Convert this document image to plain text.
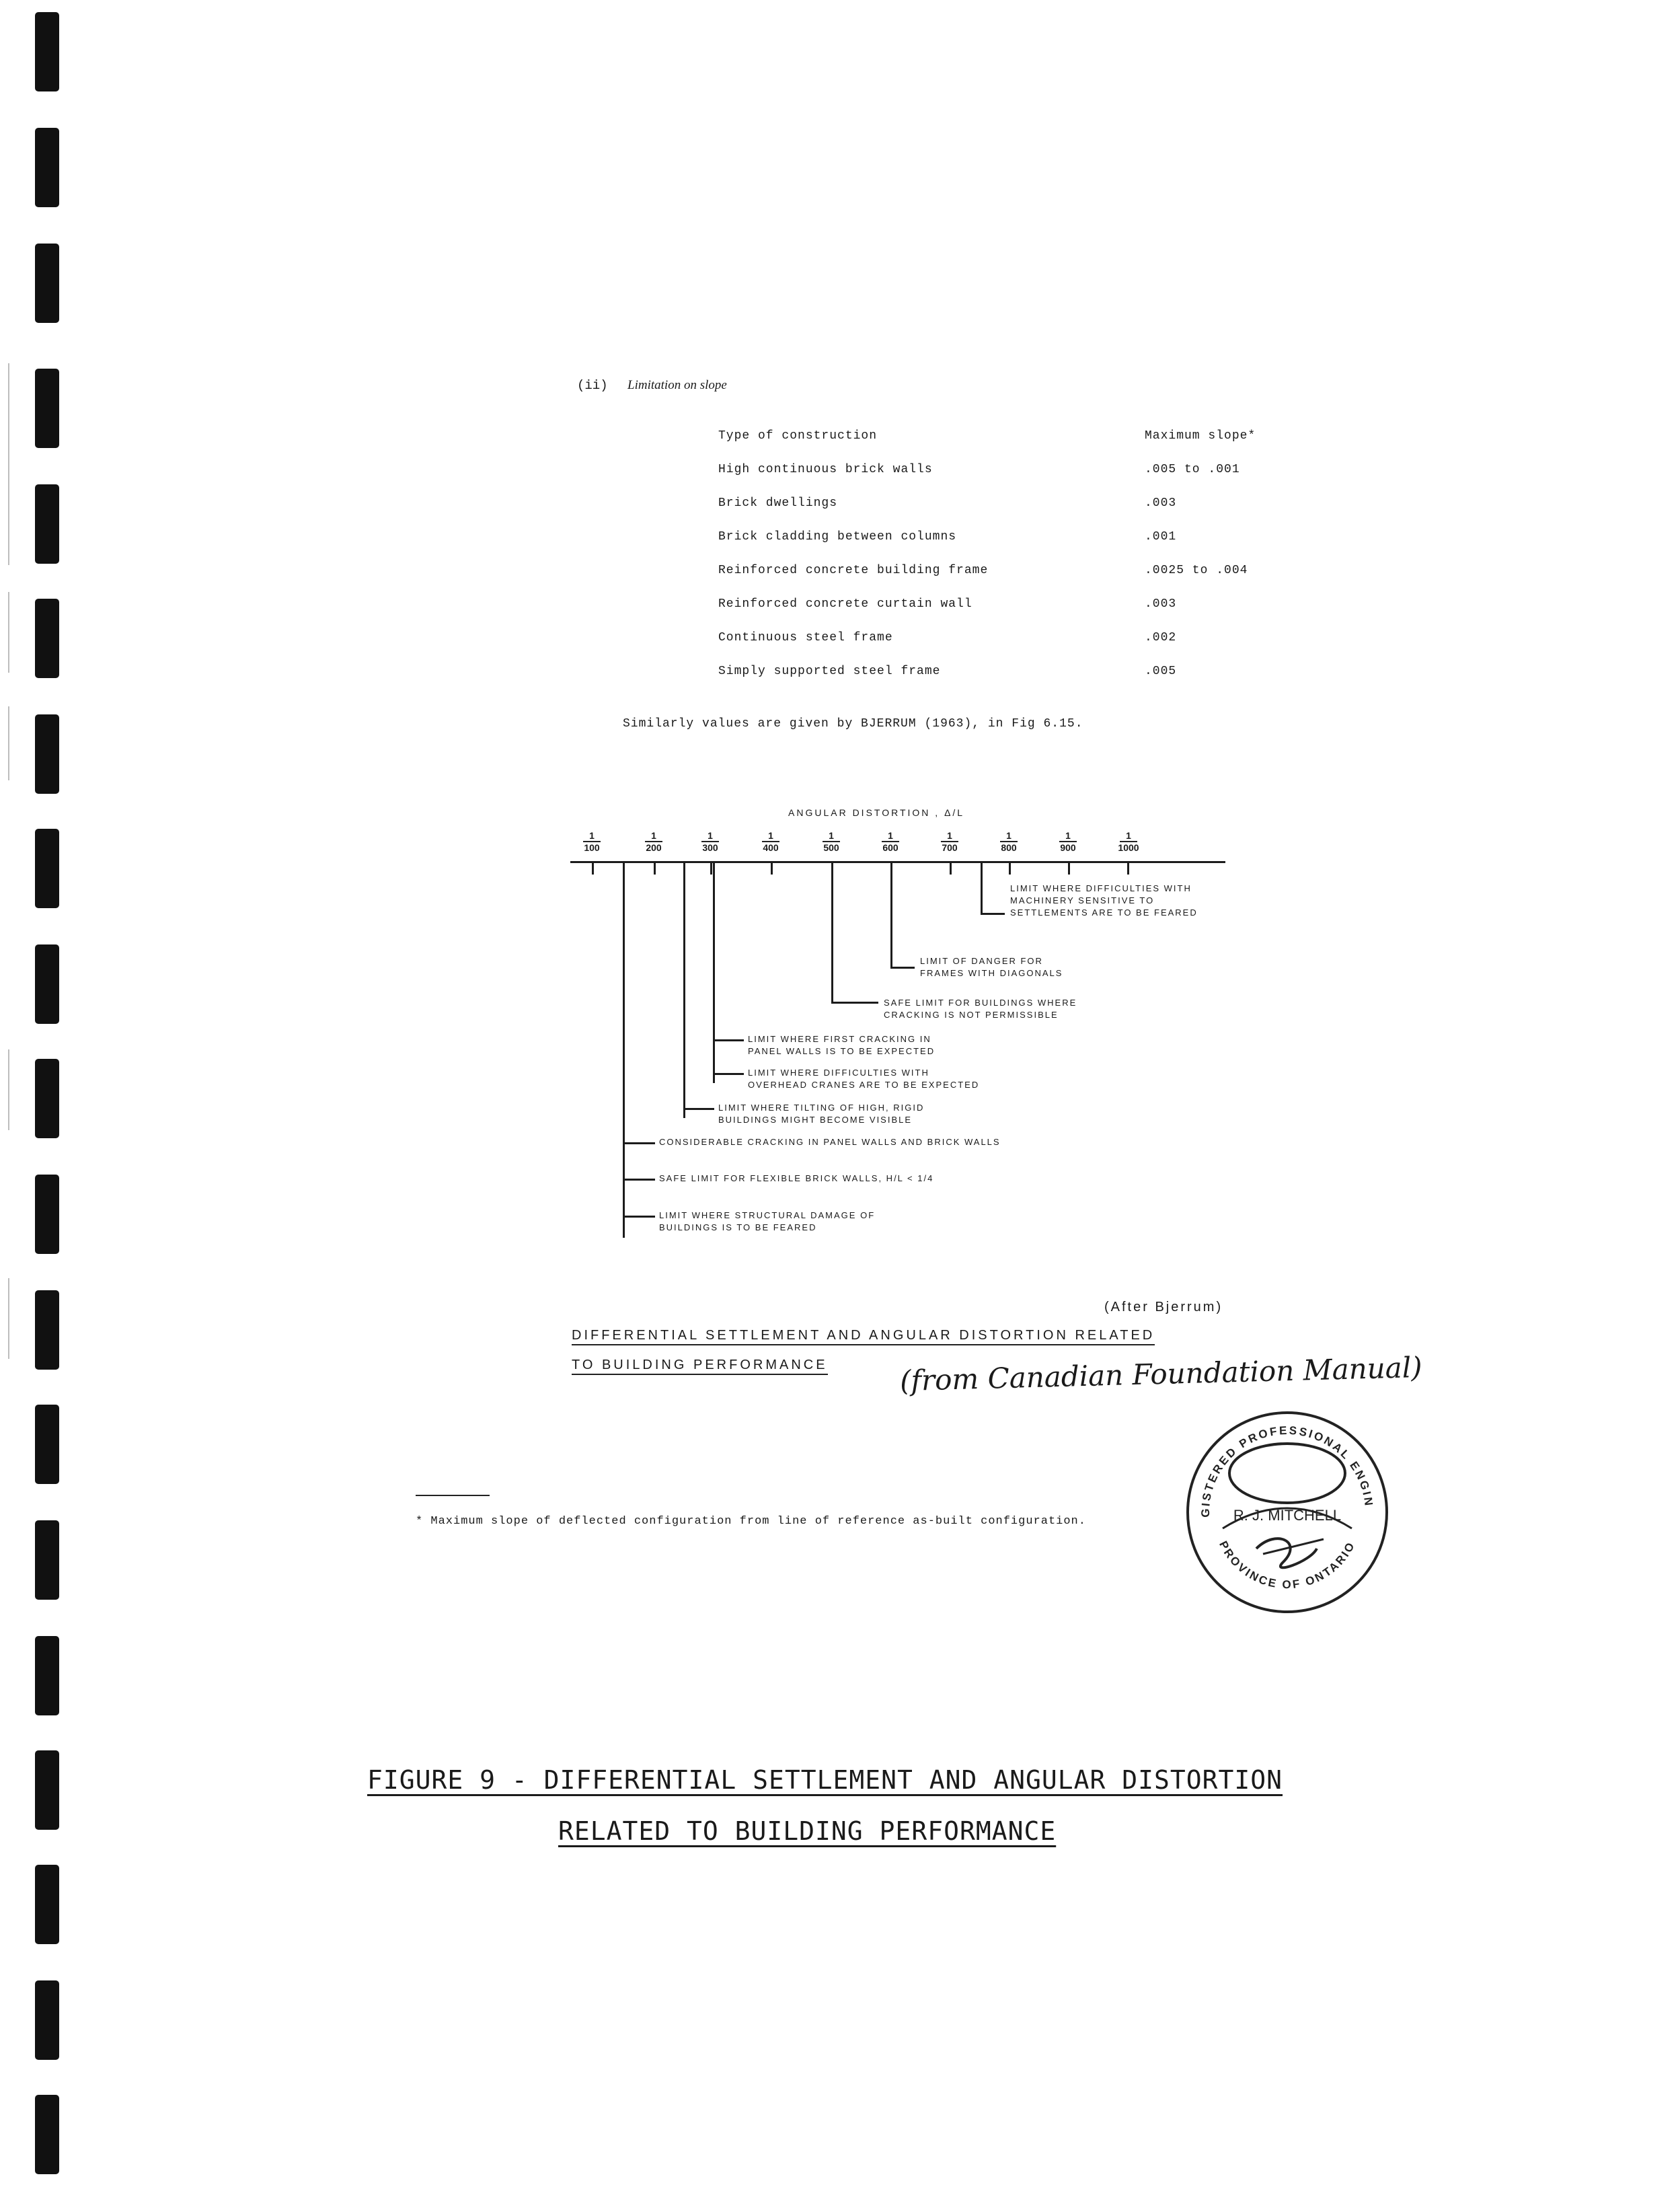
(ii) Limitation on slope
Type of construction	Maximum slope*
High continuous brick walls	.005 to .001
Brick dwellings	.003
Brick cladding between columns	.001
Reinforced concrete building frame	.0025 to .004
Reinforced concrete curtain wall	.003
Continuous steel frame	.002
Simply supported steel frame	.005
Similarly values are given by BJERRUM (1963), in Fig 6.15.
ANGULAR DISTORTION , Δ/L
$\frac{1}{100} \frac{1}{200} \frac{1}{300} \frac{1}{400} \frac{1}{500} \frac{1}{600} \frac{1}{700} \frac{1}{800} \frac{1}{900} \frac{1}{1000}$
LIMIT WHERE DIFFICULTIES WITH
MACHINERY SENSITIVE TO
SETTLEMENTS ARE TO BE FEARED
LIMIT OF DANGER FOR
FRAMES WITH DIAGONALS
SAFE LIMIT FOR BUILDINGS WHERE
CRACKING IS NOT PERMISSIBLE
LIMIT WHERE FIRST CRACKING IN
PANEL WALLS IS TO BE EXPECTED
LIMIT WHERE DIFFICULTIES WITH
OVERHEAD CRANES ARE TO BE EXPECTED
LIMIT WHERE TILTING OF HIGH, RIGID
BUILDINGS MIGHT BECOME VISIBLE
CONSIDERABLE CRACKING IN PANEL WALLS AND BRICK WALLS
SAFE LIMIT FOR FLEXIBLE BRICK WALLS, H/L < 1/4
LIMIT WHERE STRUCTURAL DAMAGE OF
BUILDINGS IS TO BE FEARED
(After Bjerrum)
DIFFERENTIAL SETTLEMENT AND ANGULAR DISTORTION RELATED
TO BUILDING PERFORMANCE	(from Canadian Foundation Manual)
* Maximum slope of deflected configuration from line of reference as-built configuration.
GISTERED PROFESSIONAL ENGIN
R. J. MITCHELL
PROVINCE OF ONTARIO
FIGURE 9 - DIFFERENTIAL SETTLEMENT AND ANGULAR DISTORTION
RELATED TO BUILDING PERFORMANCE
